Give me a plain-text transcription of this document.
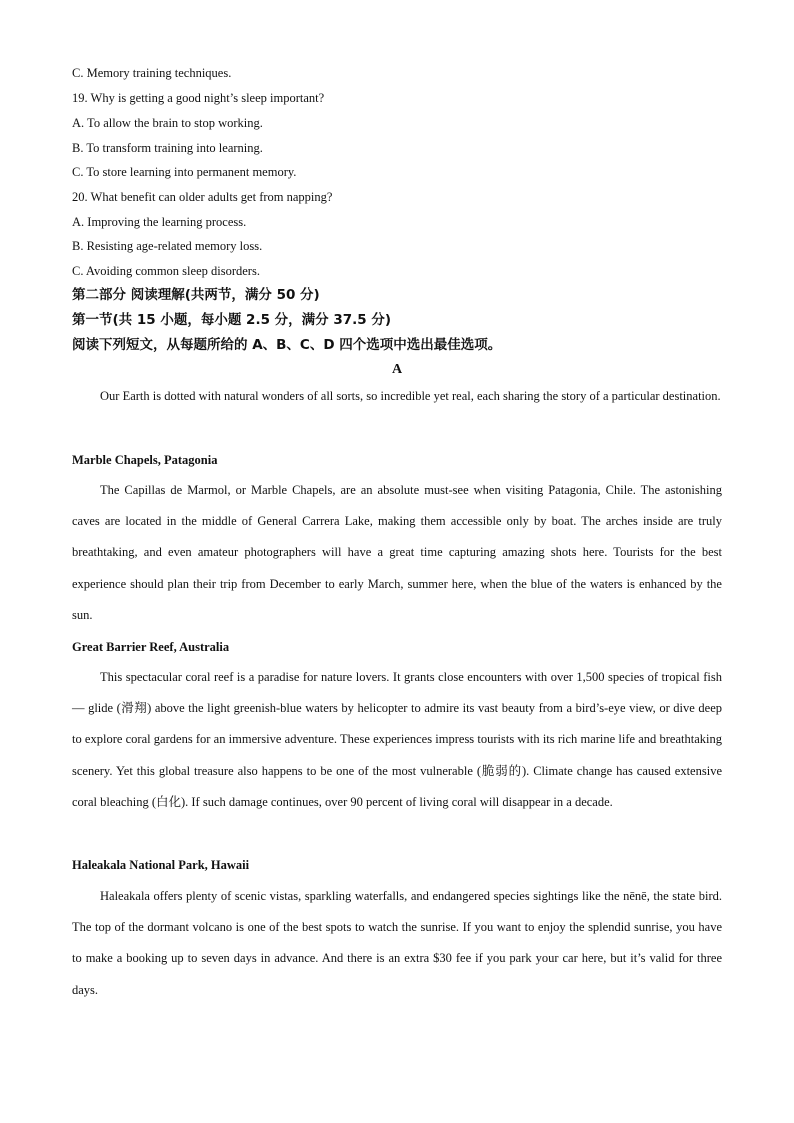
C. Memory training techniques.
19. Why is getting a good night’s sleep important?
A. To allow the brain to stop working.
B. To transform training into learning.
C. To store learning into permanent memory.
20. What benefit can older adults get from napping?
A. Improving the learning process.
B. Resisting age-related memory loss.
C. Avoiding common sleep disorders.
第二部分 阅读理解(共两节，满分 50 分)
第一节(共 15 小题，每小题 2.5 分，满分 37.5 分)
阅读下列短文，从每题所给的 A、B、C、D 四个选项中选出最佳选项。
A
Our Earth is dotted with natural wonders of all sorts, so incredible yet real, each sharing the story of a particular destination.
Marble Chapels, Patagonia
The Capillas de Marmol, or Marble Chapels, are an absolute must-see when visiting Patagonia, Chile. The astonishing caves are located in the middle of General Carrera Lake, making them accessible only by boat. The arches inside are truly breathtaking, and even amateur photographers will have a great time capturing amazing shots here. Tourists for the best experience should plan their trip from December to early March, summer here, when the blue of the waters is enhanced by the sun.
Great Barrier Reef, Australia
This spectacular coral reef is a paradise for nature lovers. It grants close encounters with over 1,500 species of tropical fish — glide (滑翔) above the light greenish-blue waters by helicopter to admire its vast beauty from a bird’s-eye view, or dive deep to explore coral gardens for an immersive adventure. These experiences impress tourists with its rich marine life and breathtaking scenery. Yet this global treasure also happens to be one of the most vulnerable (脆弱的). Climate change has caused extensive coral bleaching (白化). If such damage continues, over 90 percent of living coral will disappear in a decade.
Haleakala National Park, Hawaii
Haleakala offers plenty of scenic vistas, sparkling waterfalls, and endangered species sightings like the nēnē, the state bird. The top of the dormant volcano is one of the best spots to watch the sunrise. If you want to enjoy the splendid sunrise, you have to make a booking up to seven days in advance. And there is an extra $30 fee if you park your car here, but it’s valid for three days.
